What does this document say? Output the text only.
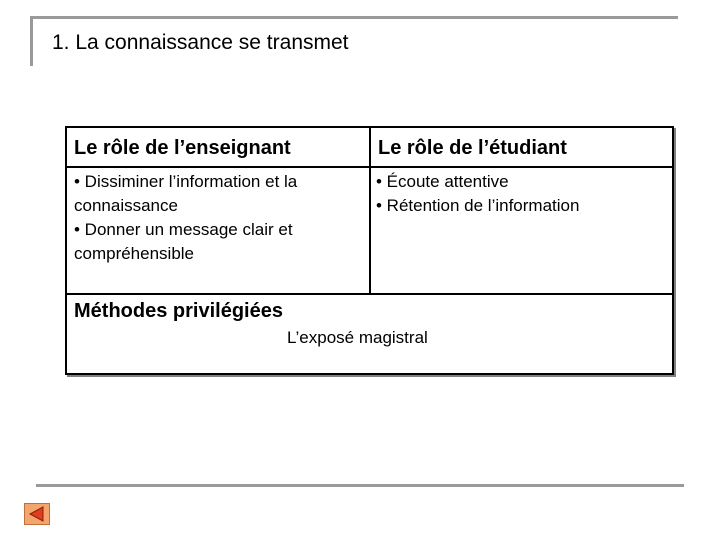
1. La connaissance se transmet
Le rôle de l’enseignant	Le rôle de l’étudiant
• Dissiminer l’information et la connaissance
• Donner un message clair et compréhensible
• Écoute attentive
• Rétention de l’information
Méthodes privilégiées
L’exposé magistral
